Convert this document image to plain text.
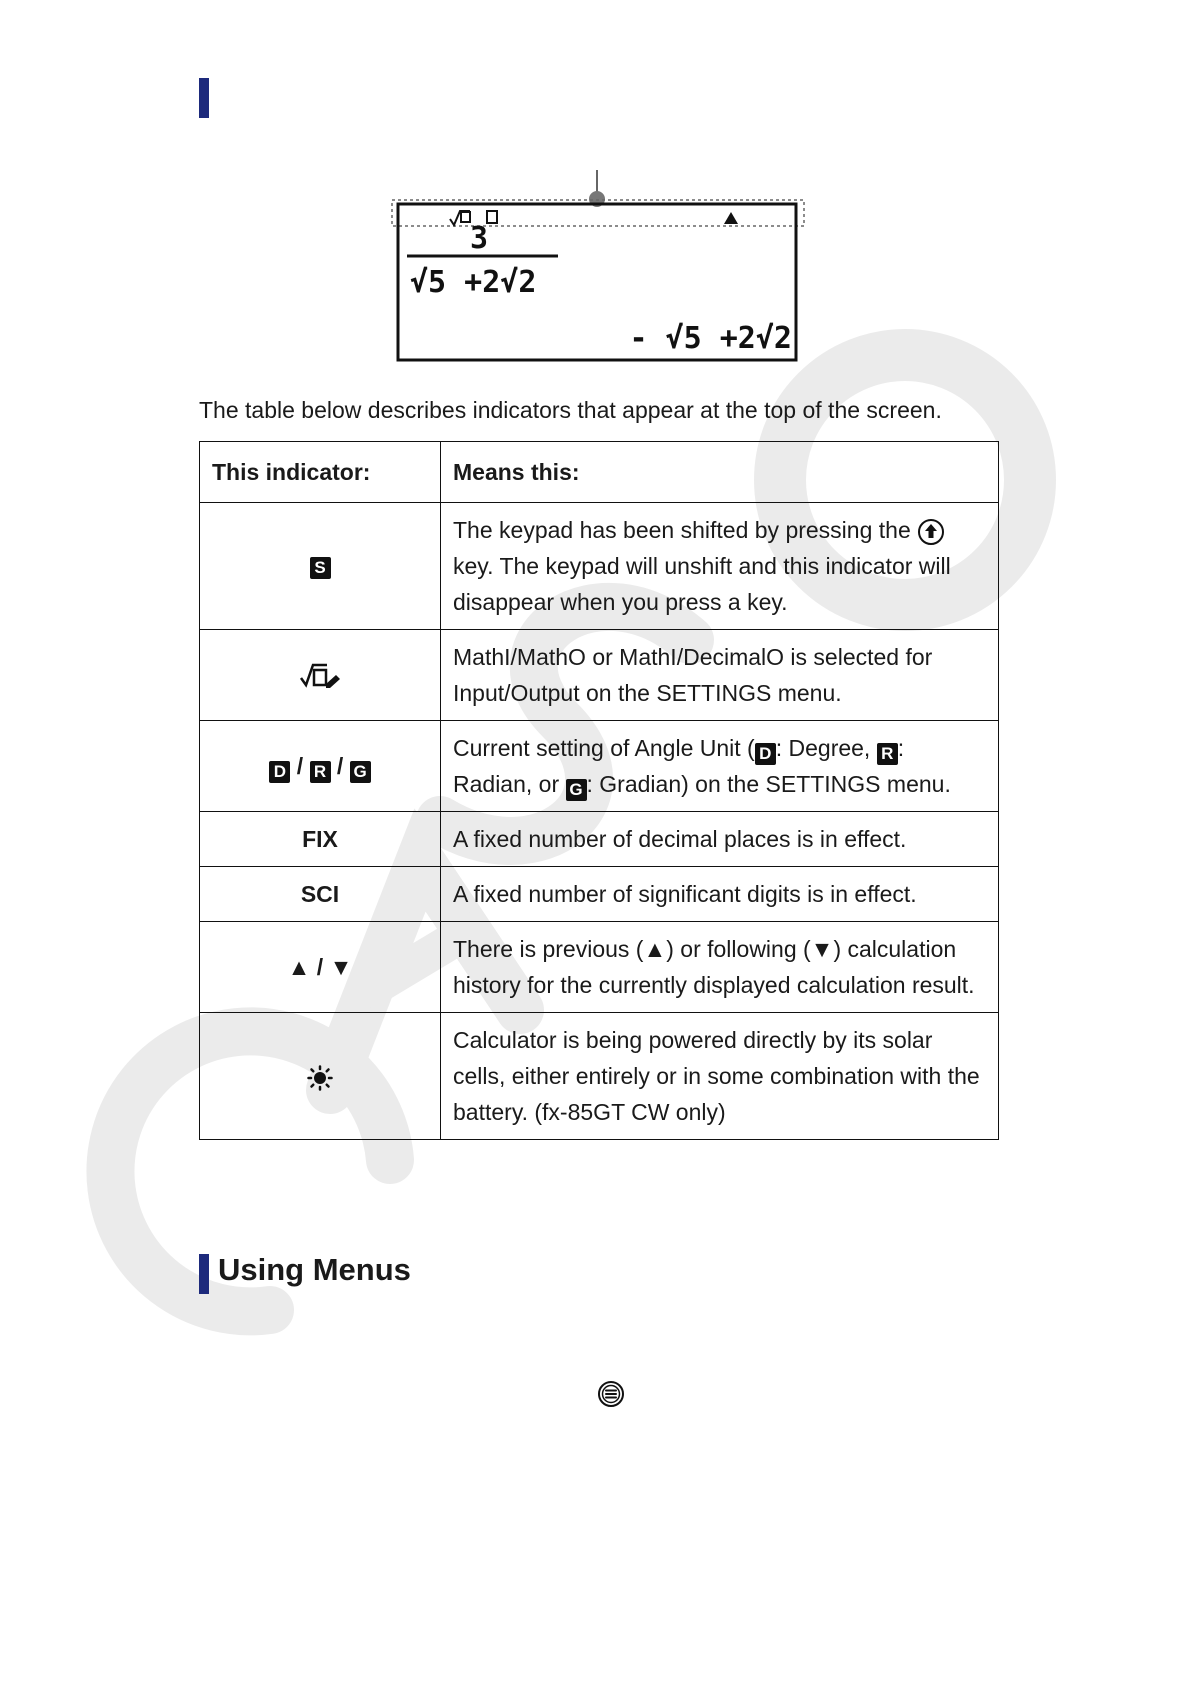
3
√5 +2√2
- √5 +2√2
The table below describes indicators that appear at the top of the screen.
This indicator:	Means this:
S	The keypad has been shifted by pressing the  key. The keypad will unshift and this indicator will disappear when you press a key.
	MathI/MathO or MathI/DecimalO is selected for Input/Output on the SETTINGS menu.
D / R / G	Current setting of Angle Unit ( D : Degree, R : Radian, or G : Gradian) on the SETTINGS menu.
FIX	A fixed number of decimal places is in effect.
SCI	A fixed number of significant digits is in effect.
▲ / ▼	There is previous (▲) or following (▼) calculation history for the currently displayed calculation result.
	Calculator is being powered directly by its solar cells, either entirely or in some combination with the battery. (fx-85GT CW only)
Using Menus
